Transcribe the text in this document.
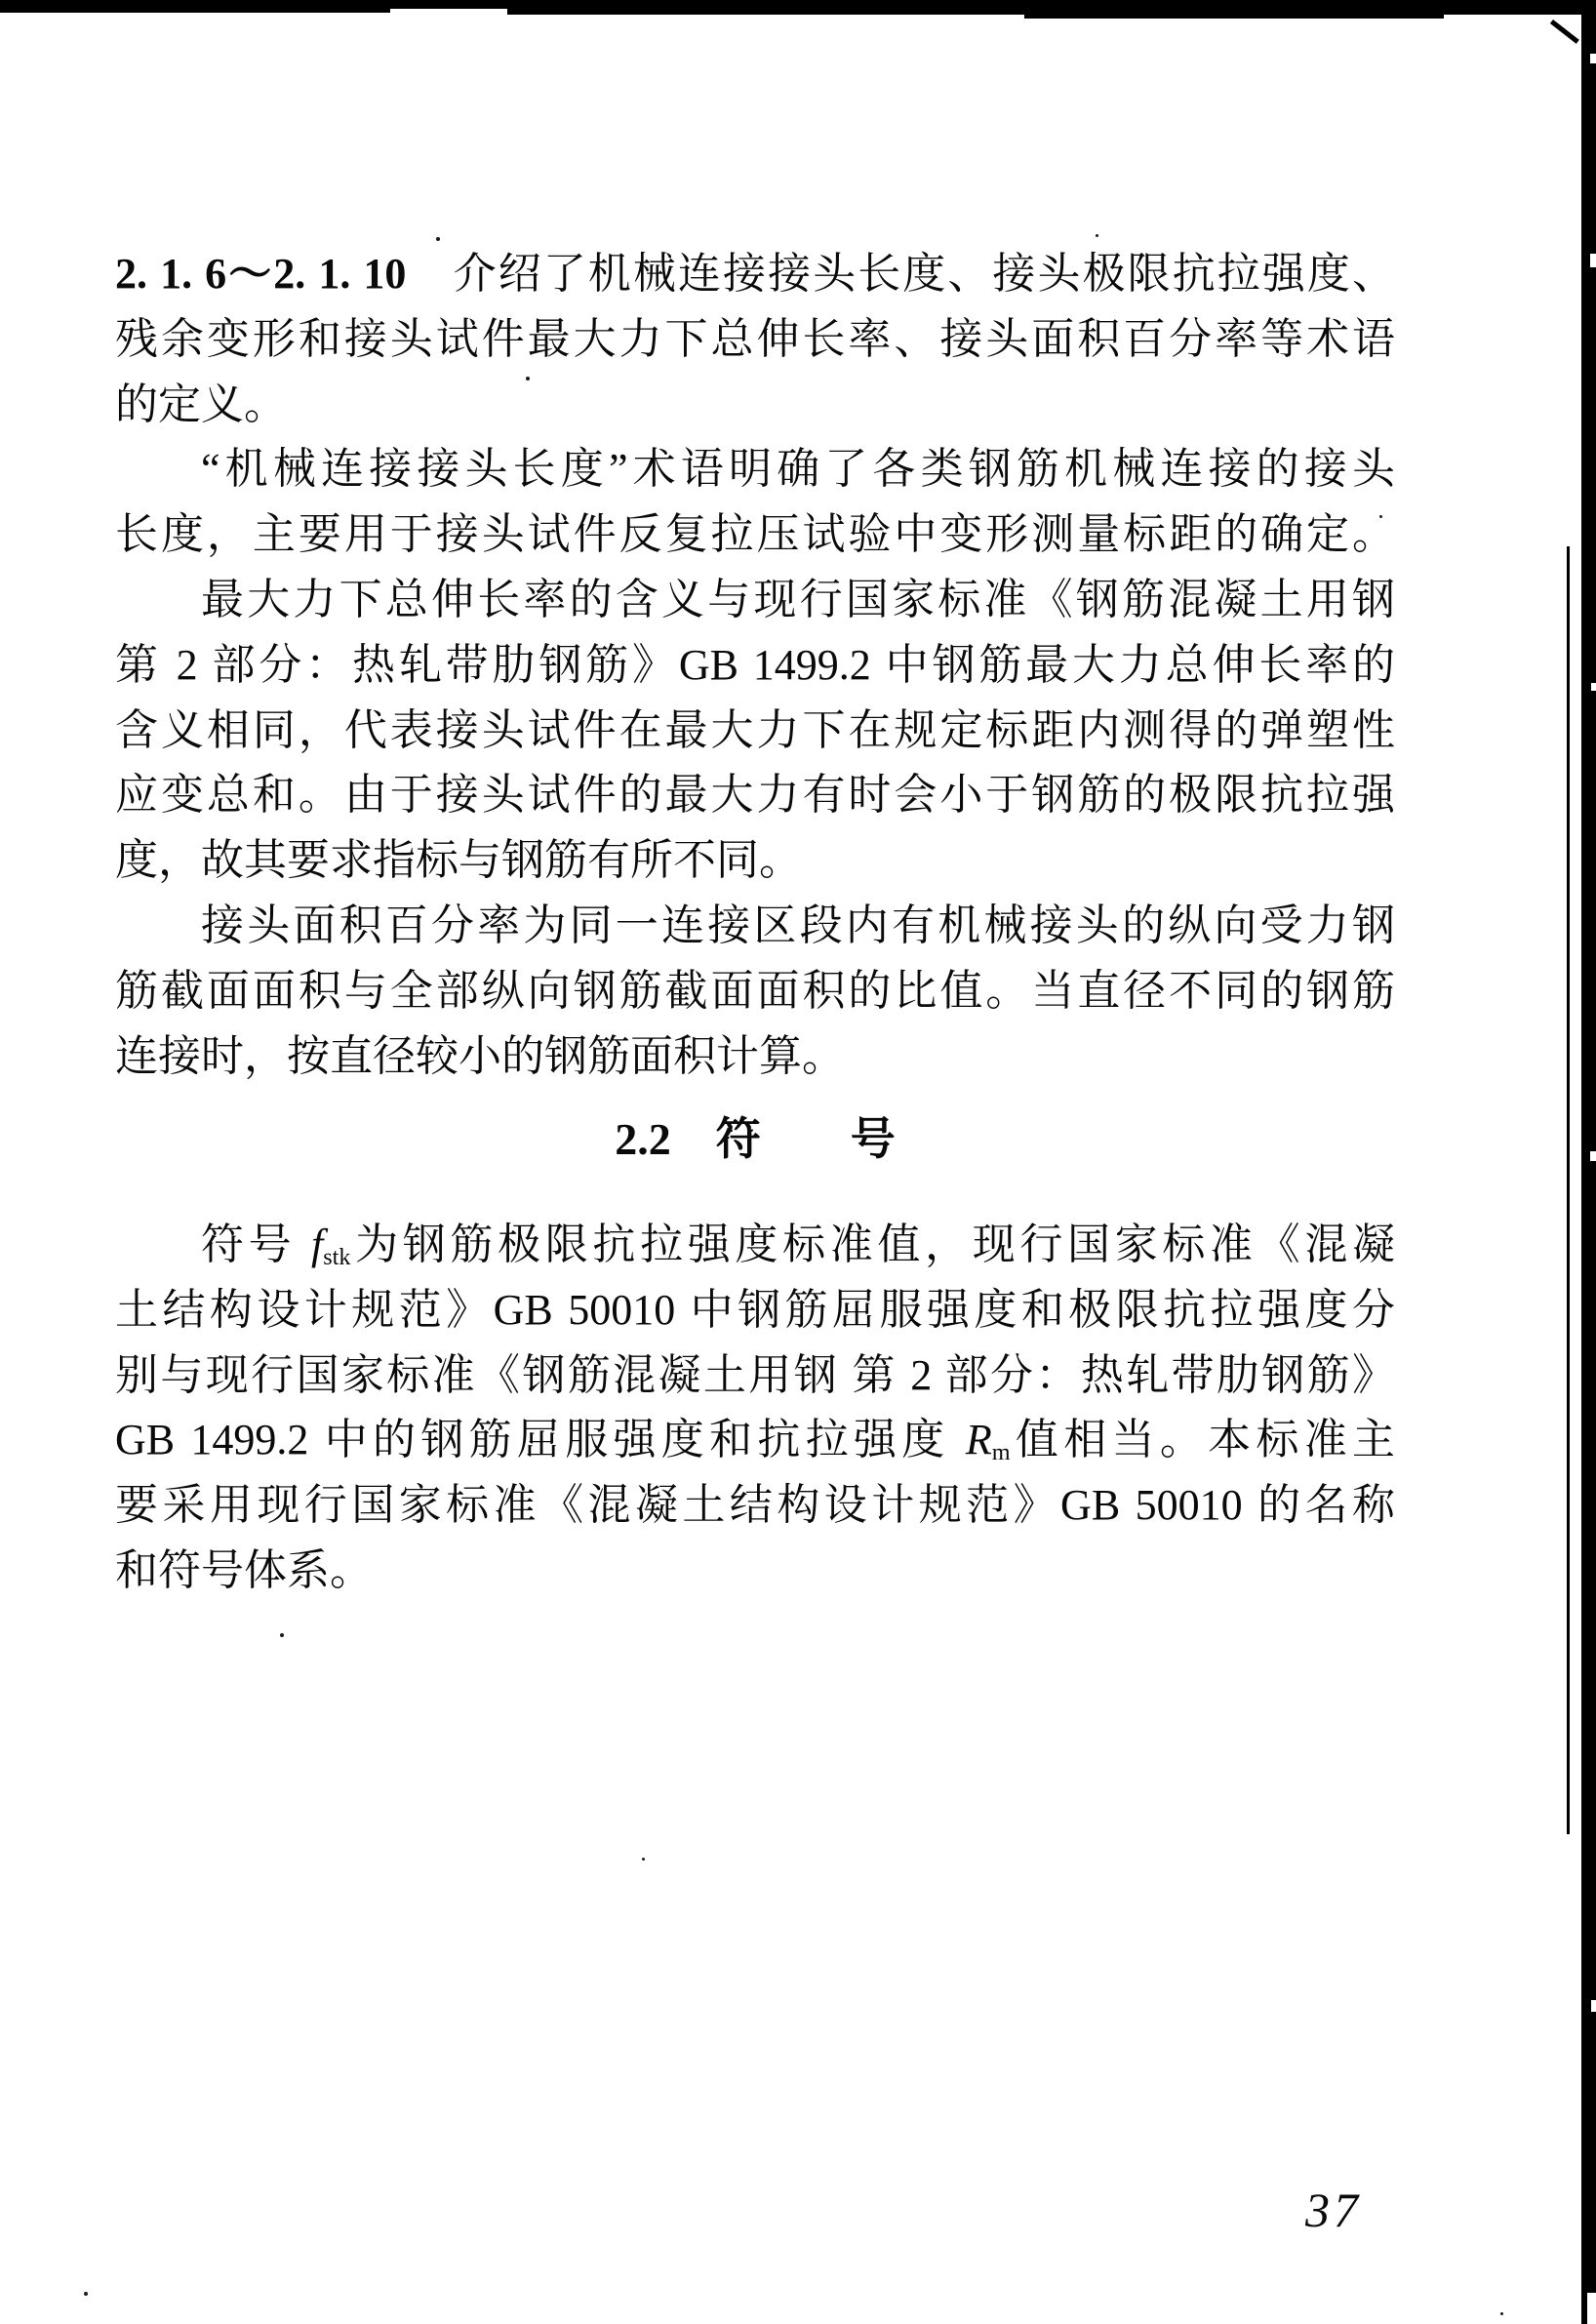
2. 1. 6～2. 1. 10　介绍了机械连接接头长度、接头极限抗拉强度、
残余变形和接头试件最大力下总伸长率、接头面积百分率等术语
的定义。
“机械连接接头长度”术语明确了各类钢筋机械连接的接头
长度，主要用于接头试件反复拉压试验中变形测量标距的确定。
最大力下总伸长率的含义与现行国家标准《钢筋混凝土用钢
第 2 部分：热轧带肋钢筋》GB 1499.2 中钢筋最大力总伸长率的
含义相同，代表接头试件在最大力下在规定标距内测得的弹塑性
应变总和。由于接头试件的最大力有时会小于钢筋的极限抗拉强
度，故其要求指标与钢筋有所不同。
接头面积百分率为同一连接区段内有机械接头的纵向受力钢
筋截面面积与全部纵向钢筋截面面积的比值。当直径不同的钢筋
连接时，按直径较小的钢筋面积计算。
2.2　符　　号
符号 $f_{stk}$为钢筋极限抗拉强度标准值，现行国家标准《混凝
土结构设计规范》GB 50010 中钢筋屈服强度和极限抗拉强度分
别与现行国家标准《钢筋混凝土用钢 第 2 部分：热轧带肋钢筋》
GB 1499.2 中的钢筋屈服强度和抗拉强度 $R_m$值相当。本标准主
要采用现行国家标准《混凝土结构设计规范》GB 50010 的名称
和符号体系。
37
